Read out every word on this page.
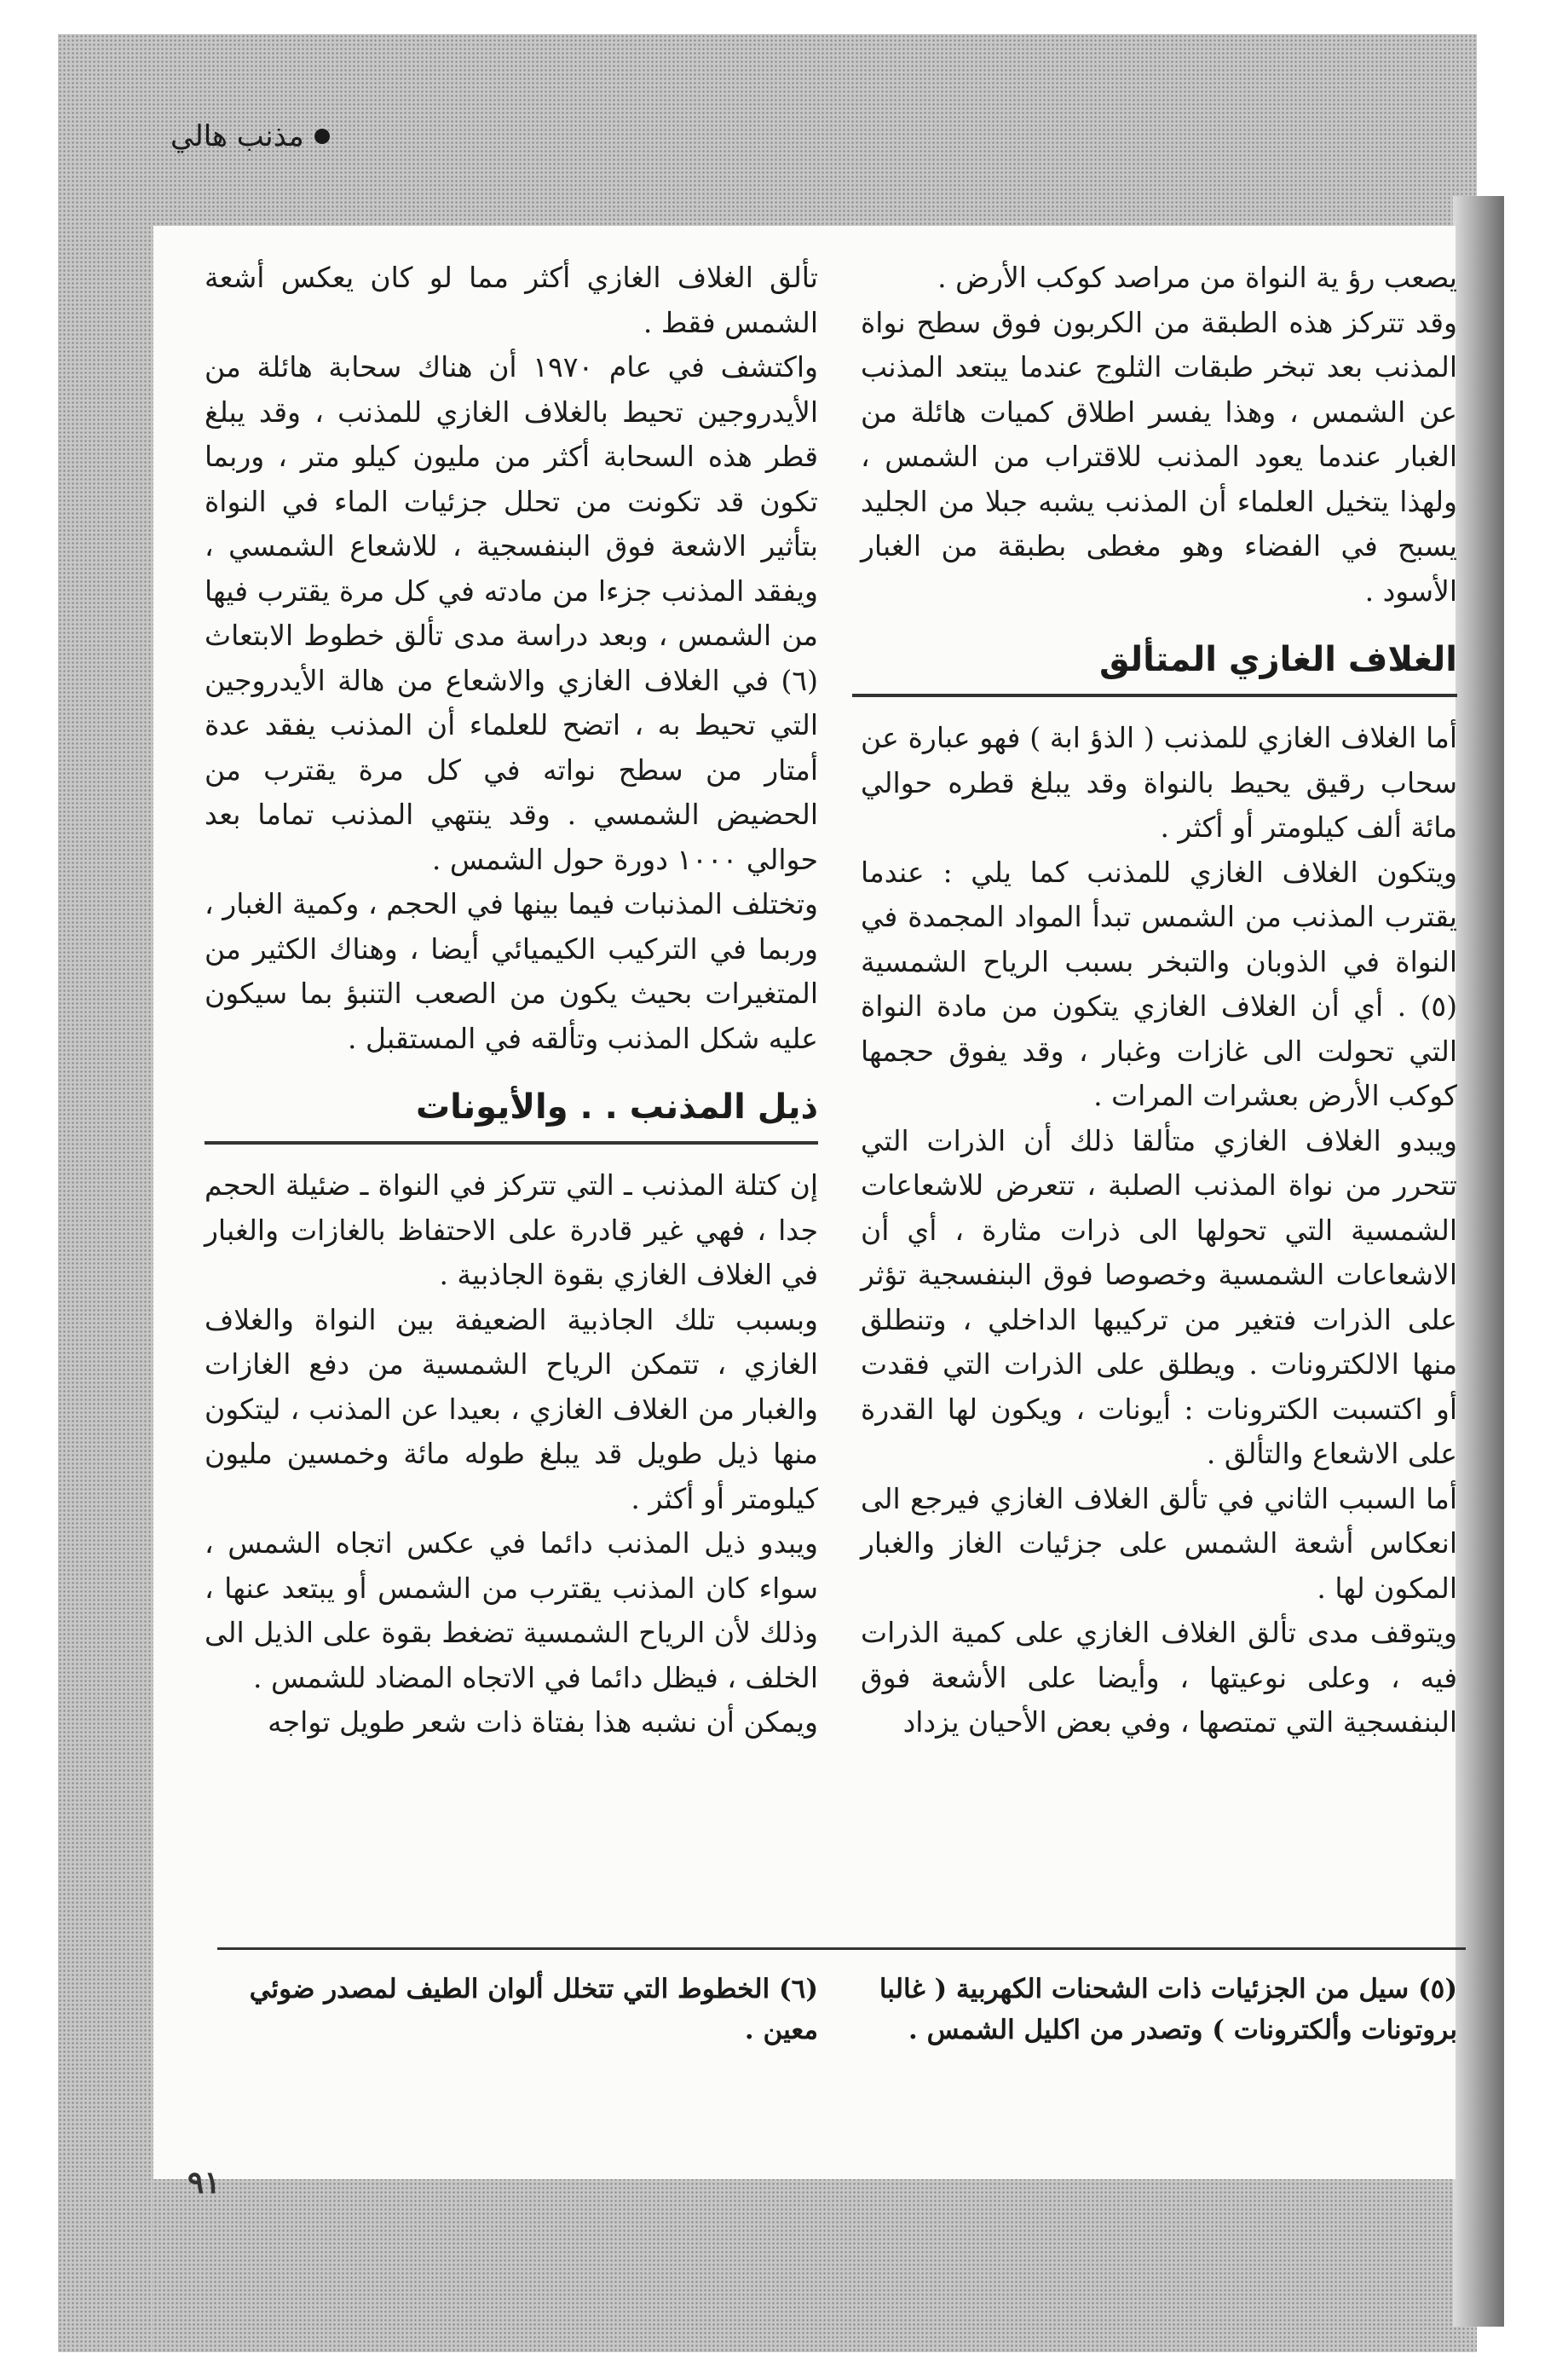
مذنب هالي

يصعب رؤ ية النواة من مراصد كوكب الأرض .

وقد تتركز هذه الطبقة من الكربون فوق سطح نواة المذنب بعد تبخر طبقات الثلوج عندما يبتعد المذنب عن الشمس ، وهذا يفسر اطلاق كميات هائلة من الغبار عندما يعود المذنب للاقتراب من الشمس ، ولهذا يتخيل العلماء أن المذنب يشبه جبلا من الجليد يسبح في الفضاء وهو مغطى بطبقة من الغبار الأسود .

الغلاف الغازي المتألق

أما الغلاف الغازي للمذنب ( الذؤ ابة ) فهو عبارة عن سحاب رقيق يحيط بالنواة وقد يبلغ قطره حوالي مائة ألف كيلومتر أو أكثر .

ويتكون الغلاف الغازي للمذنب كما يلي : عندما يقترب المذنب من الشمس تبدأ المواد المجمدة في النواة في الذوبان والتبخر بسبب الرياح الشمسية (٥) . أي أن الغلاف الغازي يتكون من مادة النواة التي تحولت الى غازات وغبار ، وقد يفوق حجمها كوكب الأرض بعشرات المرات .

ويبدو الغلاف الغازي متألقا ذلك أن الذرات التي تتحرر من نواة المذنب الصلبة ، تتعرض للاشعاعات الشمسية التي تحولها الى ذرات مثارة ، أي أن الاشعاعات الشمسية وخصوصا فوق البنفسجية تؤثر على الذرات فتغير من تركيبها الداخلي ، وتنطلق منها الالكترونات . ويطلق على الذرات التي فقدت أو اكتسبت الكترونات : أيونات ، ويكون لها القدرة على الاشعاع والتألق .

أما السبب الثاني في تألق الغلاف الغازي فيرجع الى انعكاس أشعة الشمس على جزئيات الغاز والغبار المكون لها .

ويتوقف مدى تألق الغلاف الغازي على كمية الذرات فيه ، وعلى نوعيتها ، وأيضا على الأشعة فوق البنفسجية التي تمتصها ، وفي بعض الأحيان يزداد

تألق الغلاف الغازي أكثر مما لو كان يعكس أشعة الشمس فقط .

واكتشف في عام ١٩٧٠ أن هناك سحابة هائلة من الأيدروجين تحيط بالغلاف الغازي للمذنب ، وقد يبلغ قطر هذه السحابة أكثر من مليون كيلو متر ، وربما تكون قد تكونت من تحلل جزئيات الماء في النواة بتأثير الاشعة فوق البنفسجية ، للاشعاع الشمسي ، ويفقد المذنب جزءا من مادته في كل مرة يقترب فيها من الشمس ، وبعد دراسة مدى تألق خطوط الابتعاث (٦) في الغلاف الغازي والاشعاع من هالة الأيدروجين التي تحيط به ، اتضح للعلماء أن المذنب يفقد عدة أمتار من سطح نواته في كل مرة يقترب من الحضيض الشمسي . وقد ينتهي المذنب تماما بعد حوالي ١٠٠٠ دورة حول الشمس .

وتختلف المذنبات فيما بينها في الحجم ، وكمية الغبار ، وربما في التركيب الكيميائي أيضا ، وهناك الكثير من المتغيرات بحيث يكون من الصعب التنبؤ بما سيكون عليه شكل المذنب وتألقه في المستقبل .

ذيل المذنب . . والأيونات

إن كتلة المذنب ـ التي تتركز في النواة ـ ضئيلة الحجم جدا ، فهي غير قادرة على الاحتفاظ بالغازات والغبار في الغلاف الغازي بقوة الجاذبية .

وبسبب تلك الجاذبية الضعيفة بين النواة والغلاف الغازي ، تتمكن الرياح الشمسية من دفع الغازات والغبار من الغلاف الغازي ، بعيدا عن المذنب ، ليتكون منها ذيل طويل قد يبلغ طوله مائة وخمسين مليون كيلومتر أو أكثر .

ويبدو ذيل المذنب دائما في عكس اتجاه الشمس ، سواء كان المذنب يقترب من الشمس أو يبتعد عنها ، وذلك لأن الرياح الشمسية تضغط بقوة على الذيل الى الخلف ، فيظل دائما في الاتجاه المضاد للشمس .

ويمكن أن نشبه هذا بفتاة ذات شعر طويل تواجه

(٥) سيل من الجزئيات ذات الشحنات الكهربية ( غالبا بروتونات وألكترونات ) وتصدر من اكليل الشمس .
(٦) الخطوط التي تتخلل ألوان الطيف لمصدر ضوئي معين .
٩١
